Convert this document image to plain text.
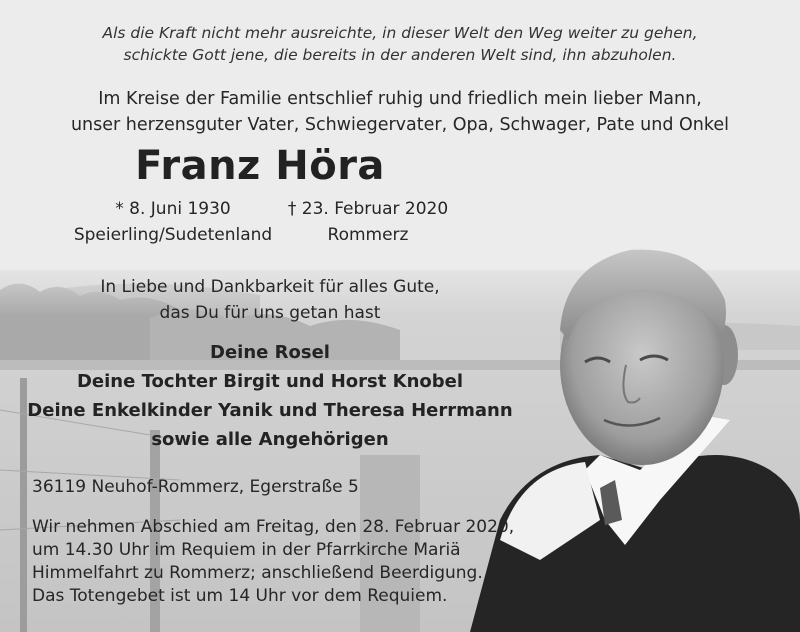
Als die Kraft nicht mehr ausreichte, in dieser Welt den Weg weiter zu gehen,
schickte Gott jene, die bereits in der anderen Welt sind, ihn abzuholen.
Im Kreise der Familie entschlief ruhig und friedlich mein lieber Mann,
unser herzensguter Vater, Schwiegervater, Opa, Schwager, Pate und Onkel
Franz Höra
* 8. Juni 1930
Speierling/Sudetenland
† 23. Februar 2020
Rommerz
In Liebe und Dankbarkeit für alles Gute,
das Du für uns getan hast
Deine Rosel
Deine Tochter Birgit und Horst Knobel
Deine Enkelkinder Yanik und Theresa Herrmann
sowie alle Angehörigen
36119 Neuhof-Rommerz, Egerstraße 5
Wir nehmen Abschied am Freitag, den 28. Februar 2020,
um 14.30 Uhr im Requiem in der Pfarrkirche Mariä
Himmelfahrt zu Rommerz; anschließend Beerdigung.
Das Totengebet ist um 14 Uhr vor dem Requiem.
